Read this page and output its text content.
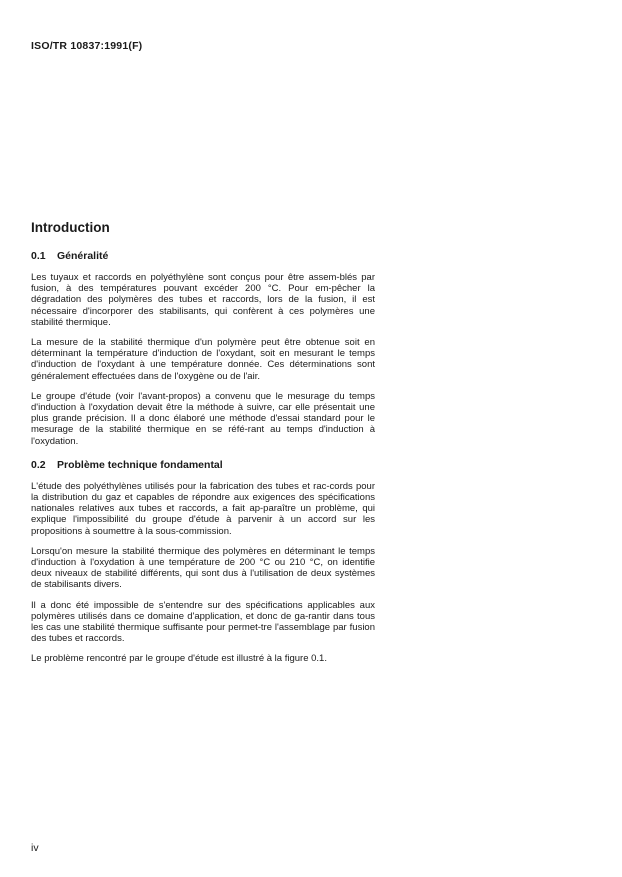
ISO/TR 10837:1991(F)
Introduction
0.1 Généralité

Les tuyaux et raccords en polyéthylène sont conçus pour être assem-blés par fusion, à des températures pouvant excéder 200 °C. Pour em-pêcher la dégradation des polymères des tubes et raccords, lors de la fusion, il est nécessaire d'incorporer des stabilisants, qui confèrent à ces polymères une stabilité thermique.

La mesure de la stabilité thermique d'un polymère peut être obtenue soit en déterminant la température d'induction de l'oxydant, soit en mesurant le temps d'induction de l'oxydant à une température donnée. Ces déterminations sont généralement effectuées dans de l'oxygène ou de l'air.

Le groupe d'étude (voir l'avant-propos) a convenu que le mesurage du temps d'induction à l'oxydation devait être la méthode à suivre, car elle présentait une plus grande précision. Il a donc élaboré une méthode d'essai standard pour le mesurage de la stabilité thermique en se réfé-rant au temps d'induction à l'oxydation.

0.2 Problème technique fondamental

L'étude des polyéthylènes utilisés pour la fabrication des tubes et rac-cords pour la distribution du gaz et capables de répondre aux exigences des spécifications nationales relatives aux tubes et raccords, a fait ap-paraître un problème, qui explique l'impossibilité du groupe d'étude à parvenir à un accord sur les propositions à soumettre à la sous-commission.

Lorsqu'on mesure la stabilité thermique des polymères en déterminant le temps d'induction à l'oxydation à une température de 200 °C ou 210 °C, on identifie deux niveaux de stabilité différents, qui sont dus à l'utilisation de deux systèmes de stabilisants divers.

Il a donc été impossible de s'entendre sur des spécifications applicables aux polymères utilisés dans ce domaine d'application, et donc de ga-rantir dans tous les cas une stabilité thermique suffisante pour permet-tre l'assemblage par fusion des tubes et raccords.

Le problème rencontré par le groupe d'étude est illustré à la figure 0.1.

iv
